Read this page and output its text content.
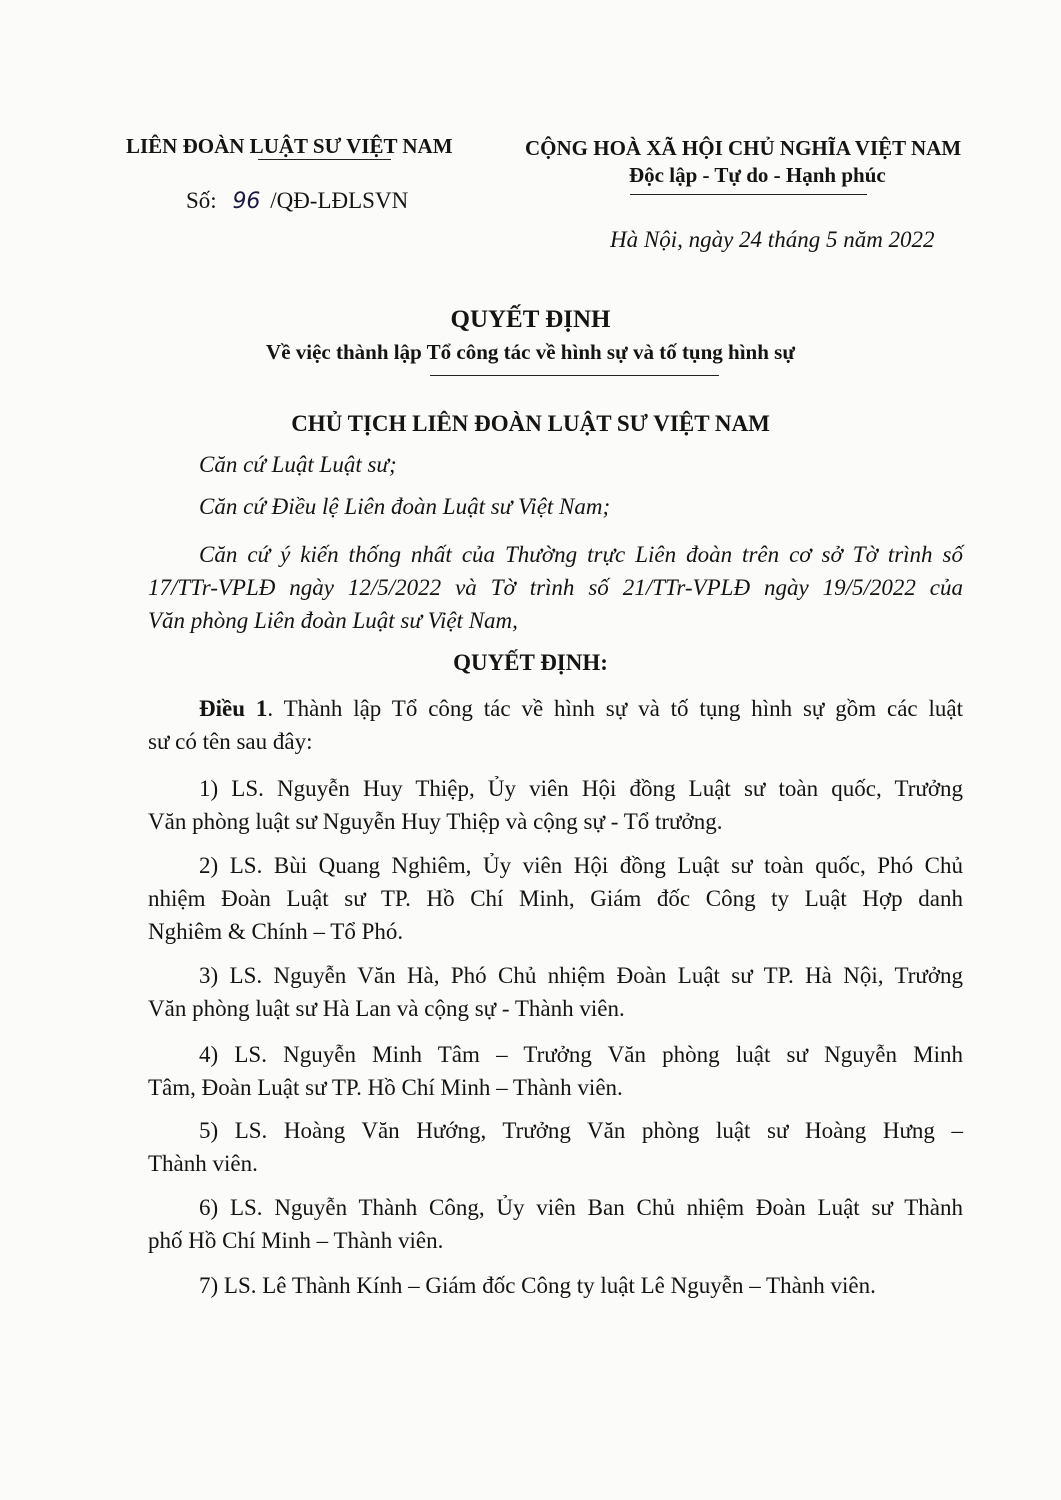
LIÊN ĐOÀN LUẬT SƯ VIỆT NAM
Số: 96 /QĐ-LĐLSVN
CỘNG HOÀ XÃ HỘI CHỦ NGHĨA VIỆT NAM
Độc lập - Tự do - Hạnh phúc
Hà Nội, ngày 24 tháng 5 năm 2022
QUYẾT ĐỊNH
Về việc thành lập Tổ công tác về hình sự và tố tụng hình sự
CHỦ TỊCH LIÊN ĐOÀN LUẬT SƯ VIỆT NAM
Căn cứ Luật Luật sư;
Căn cứ Điều lệ Liên đoàn Luật sư Việt Nam;
Căn cứ ý kiến thống nhất của Thường trực Liên đoàn trên cơ sở Tờ trình số
17/TTr-VPLĐ ngày 12/5/2022 và Tờ trình số 21/TTr-VPLĐ ngày 19/5/2022 của
Văn phòng Liên đoàn Luật sư Việt Nam,
QUYẾT ĐỊNH:
Điều 1. Thành lập Tổ công tác về hình sự và tố tụng hình sự gồm các luật
sư có tên sau đây:
1) LS. Nguyễn Huy Thiệp, Ủy viên Hội đồng Luật sư toàn quốc, Trưởng
Văn phòng luật sư Nguyễn Huy Thiệp và cộng sự - Tổ trưởng.
2) LS. Bùi Quang Nghiêm, Ủy viên Hội đồng Luật sư toàn quốc, Phó Chủ
nhiệm Đoàn Luật sư TP. Hồ Chí Minh, Giám đốc Công ty Luật Hợp danh
Nghiêm & Chính – Tổ Phó.
3) LS. Nguyễn Văn Hà, Phó Chủ nhiệm Đoàn Luật sư TP. Hà Nội, Trưởng
Văn phòng luật sư Hà Lan và cộng sự - Thành viên.
4) LS. Nguyễn Minh Tâm – Trưởng Văn phòng luật sư Nguyễn Minh
Tâm, Đoàn Luật sư TP. Hồ Chí Minh – Thành viên.
5) LS. Hoàng Văn Hướng, Trưởng Văn phòng luật sư Hoàng Hưng –
Thành viên.
6) LS. Nguyễn Thành Công, Ủy viên Ban Chủ nhiệm Đoàn Luật sư Thành
phố Hồ Chí Minh – Thành viên.
7) LS. Lê Thành Kính – Giám đốc Công ty luật Lê Nguyễn – Thành viên.
